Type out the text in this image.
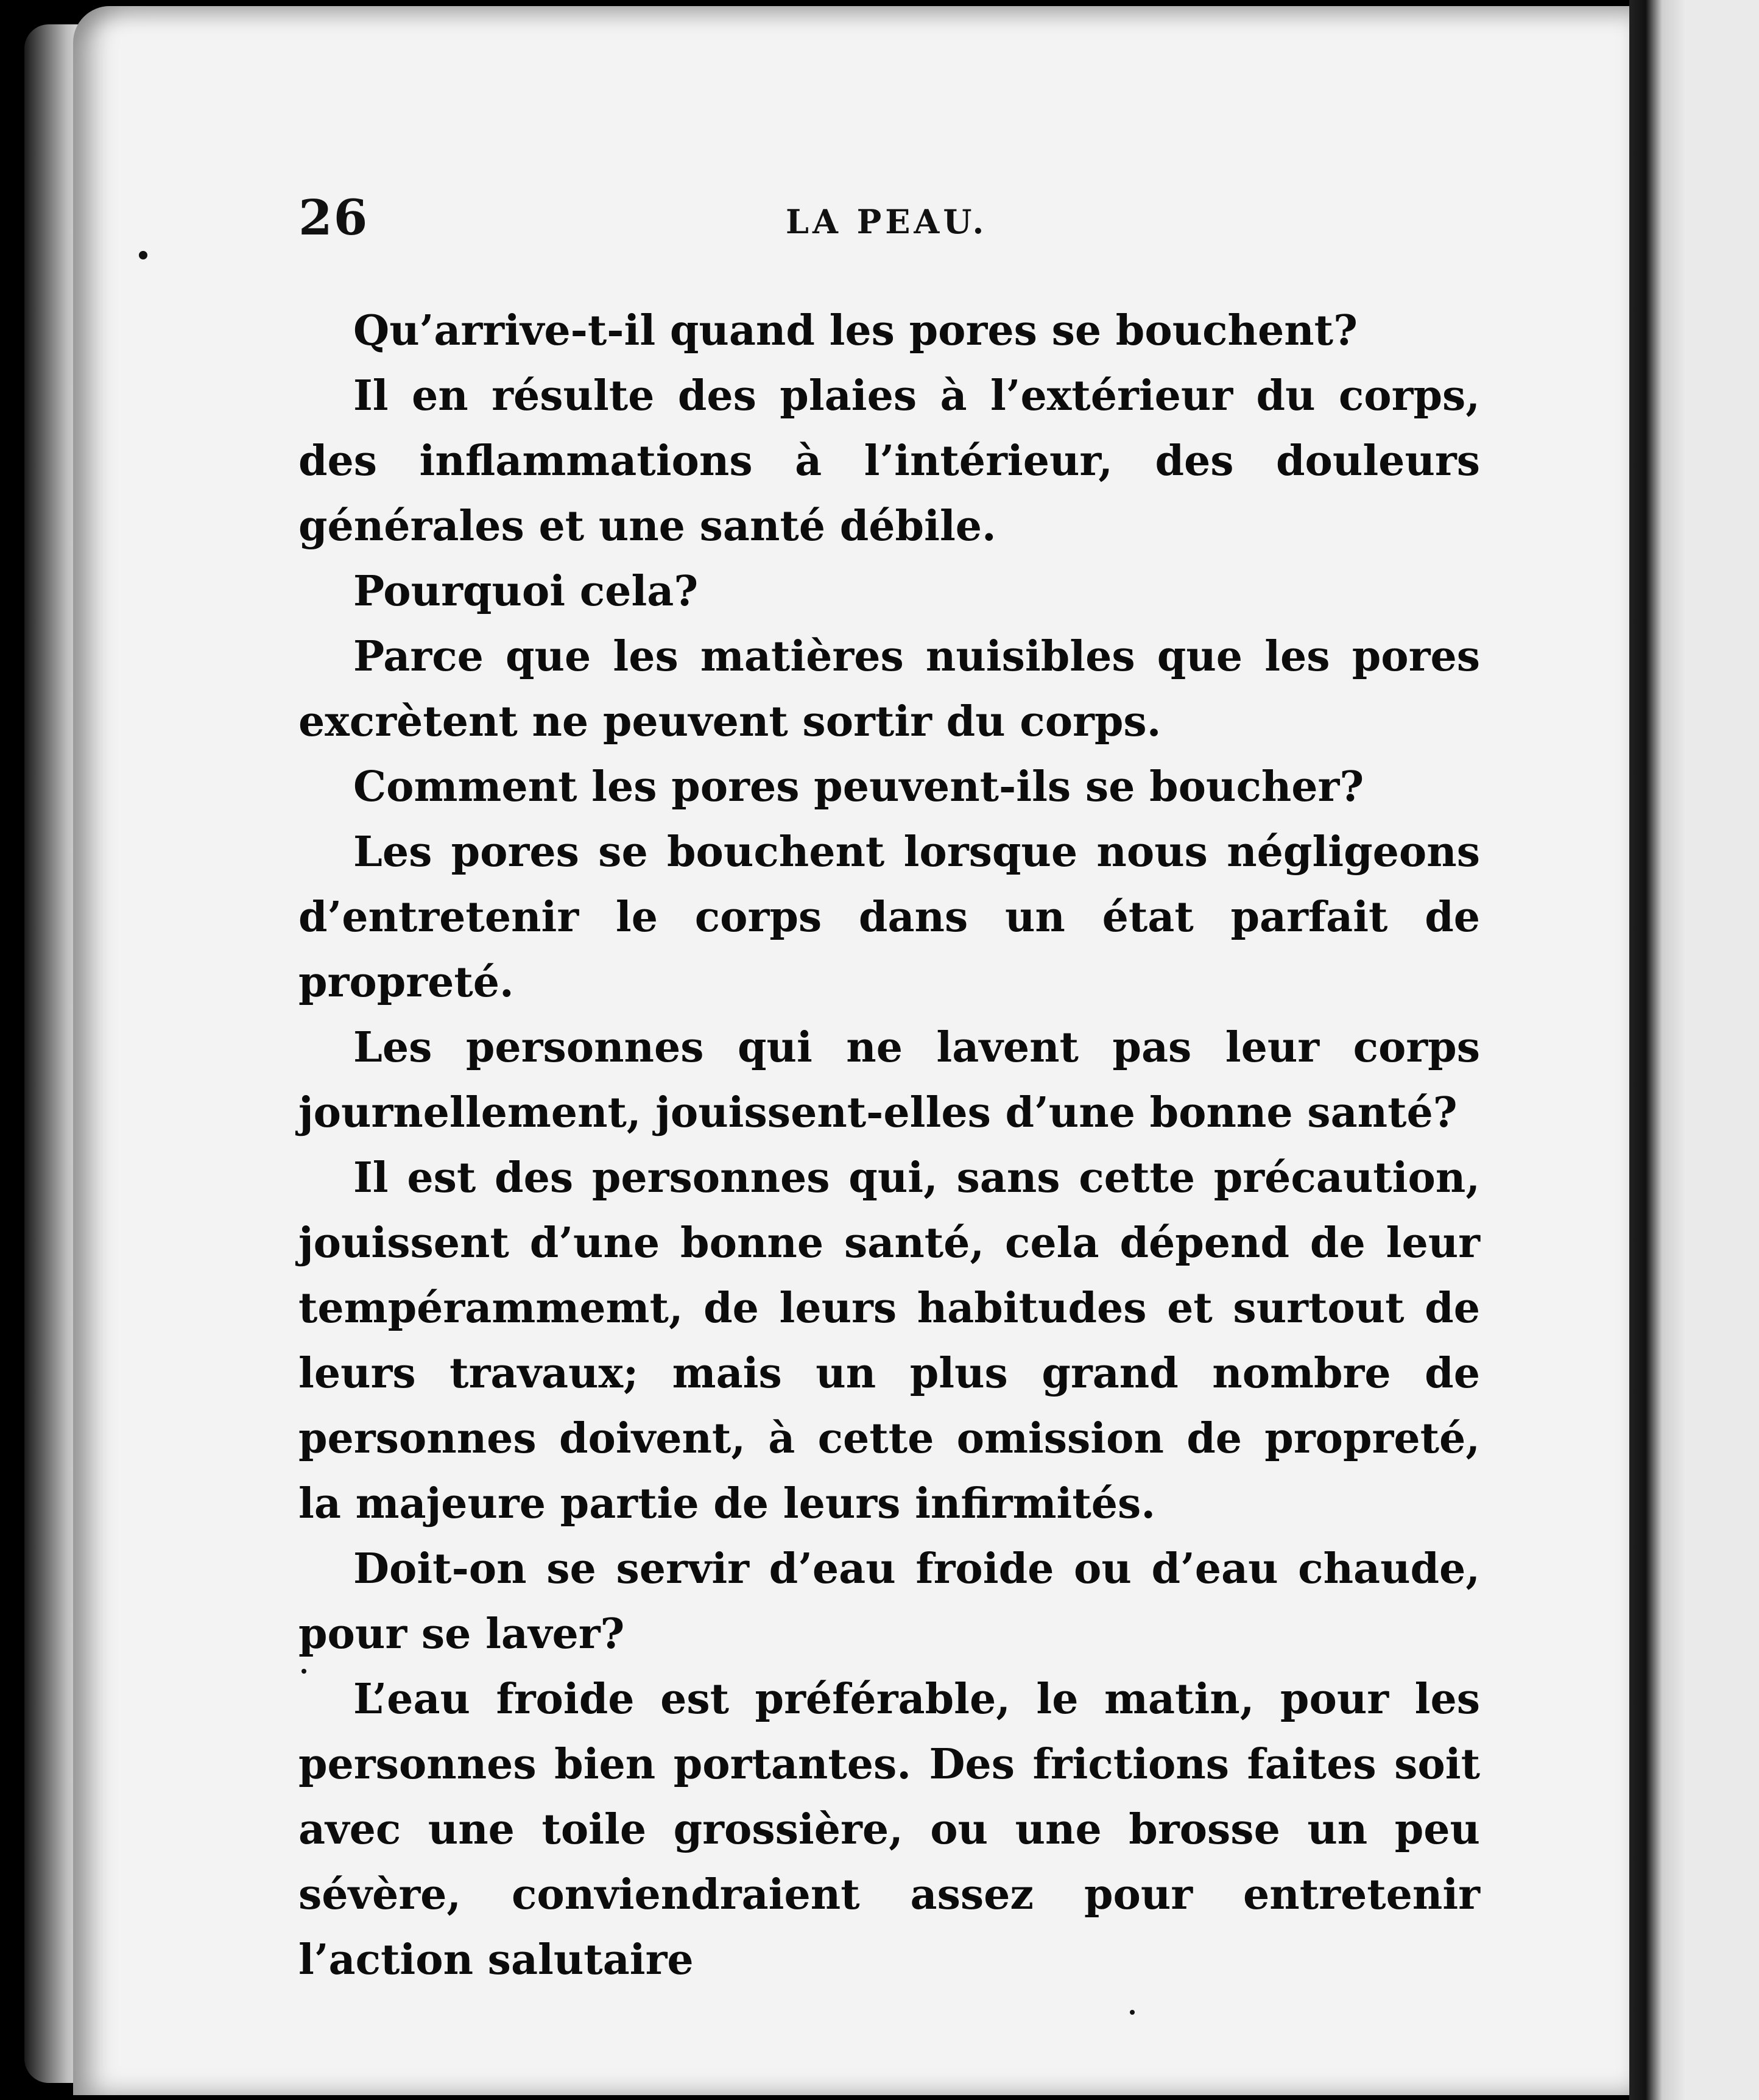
26	LA PEAU.

Qu’arrive-t-il quand les pores se bouchent?

Il en résulte des plaies à l’extérieur du corps, des inflammations à l’intérieur, des douleurs générales et une santé débile.

Pourquoi cela?

Parce que les matières nuisibles que les pores excrètent ne peuvent sortir du corps.

Comment les pores peuvent-ils se boucher?

Les pores se bouchent lorsque nous négligeons d’entretenir le corps dans un état parfait de propreté.

Les personnes qui ne lavent pas leur corps journellement, jouissent-elles d’une bonne santé?

Il est des personnes qui, sans cette précaution, jouissent d’une bonne santé, cela dépend de leur tempérammemt, de leurs habitudes et surtout de leurs travaux; mais un plus grand nombre de personnes doivent, à cette omission de propreté, la majeure partie de leurs infirmités.

Doit-on se servir d’eau froide ou d’eau chaude, pour se laver?

L’eau froide est préférable, le matin, pour les personnes bien portantes. Des frictions faites soit avec une toile grossière, ou une brosse un peu sévère, conviendraient assez pour entretenir l’action salutaire
